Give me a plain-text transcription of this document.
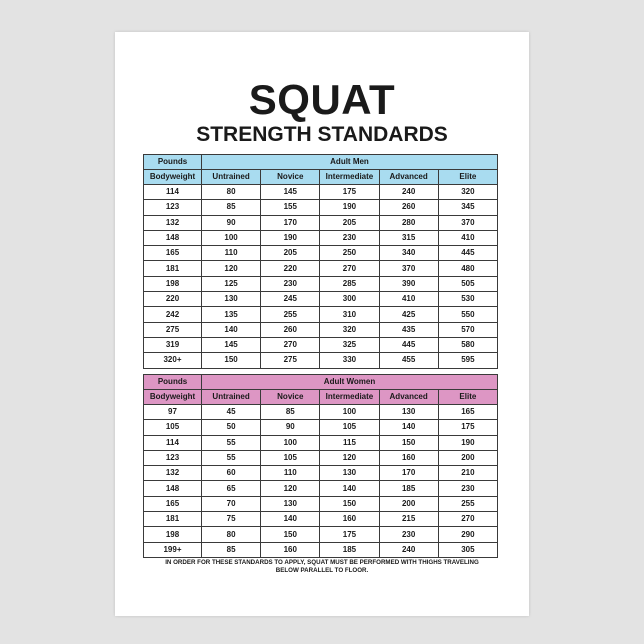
SQUAT
STRENGTH STANDARDS
Pounds	Adult Men				
Bodyweight	Untrained	Novice	Intermediate	Advanced	Elite
114	80	145	175	240	320
123	85	155	190	260	345
132	90	170	205	280	370
148	100	190	230	315	410
165	110	205	250	340	445
181	120	220	270	370	480
198	125	230	285	390	505
220	130	245	300	410	530
242	135	255	310	425	550
275	140	260	320	435	570
319	145	270	325	445	580
320+	150	275	330	455	595
Pounds	Adult Women				
Bodyweight	Untrained	Novice	Intermediate	Advanced	Elite
97	45	85	100	130	165
105	50	90	105	140	175
114	55	100	115	150	190
123	55	105	120	160	200
132	60	110	130	170	210
148	65	120	140	185	230
165	70	130	150	200	255
181	75	140	160	215	270
198	80	150	175	230	290
199+	85	160	185	240	305
IN ORDER FOR THESE STANDARDS TO APPLY, SQUAT MUST BE PERFORMED WITH THIGHS TRAVELING BELOW PARALLEL TO FLOOR.
